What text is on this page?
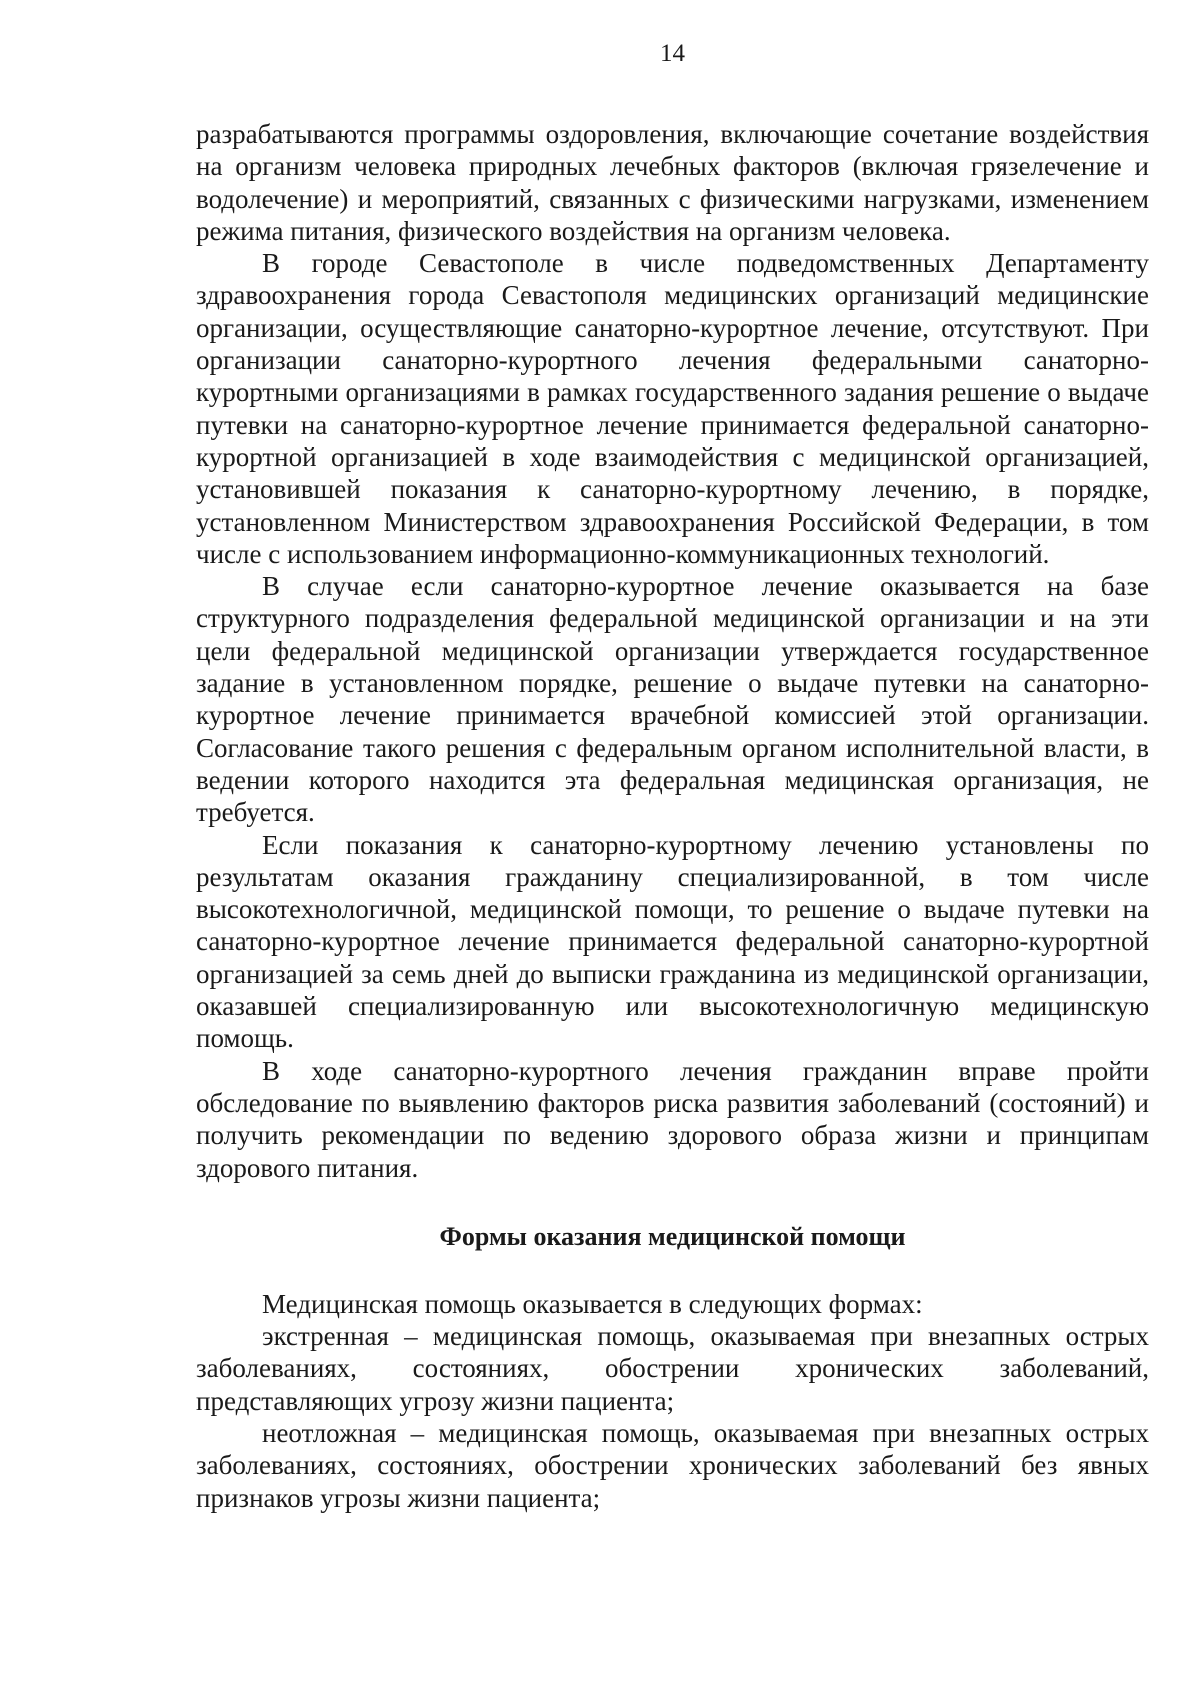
14

разрабатываются программы оздоровления, включающие сочетание воздействия на организм человека природных лечебных факторов (включая грязелечение и водолечение) и мероприятий, связанных с физическими нагрузками, изменением режима питания, физического воздействия на организм человека.

В городе Севастополе в числе подведомственных Департаменту здравоохранения города Севастополя медицинских организаций медицинские организации, осуществляющие санаторно-курортное лечение, отсутствуют. При организации санаторно-курортного лечения федеральными санаторно-курортными организациями в рамках государственного задания решение о выдаче путевки на санаторно-курортное лечение принимается федеральной санаторно-курортной организацией в ходе взаимодействия с медицинской организацией, установившей показания к санаторно-курортному лечению, в порядке, установленном Министерством здравоохранения Российской Федерации, в том числе с использованием информационно-коммуникационных технологий.

В случае если санаторно-курортное лечение оказывается на базе структурного подразделения федеральной медицинской организации и на эти цели федеральной медицинской организации утверждается государственное задание в установленном порядке, решение о выдаче путевки на санаторно-курортное лечение принимается врачебной комиссией этой организации. Согласование такого решения с федеральным органом исполнительной власти, в ведении которого находится эта федеральная медицинская организация, не требуется.

Если показания к санаторно-курортному лечению установлены по результатам оказания гражданину специализированной, в том числе высокотехнологичной, медицинской помощи, то решение о выдаче путевки на санаторно-курортное лечение принимается федеральной санаторно-курортной организацией за семь дней до выписки гражданина из медицинской организации, оказавшей специализированную или высокотехнологичную медицинскую помощь.

В ходе санаторно-курортного лечения гражданин вправе пройти обследование по выявлению факторов риска развития заболеваний (состояний) и получить рекомендации по ведению здорового образа жизни и принципам здорового питания.

Формы оказания медицинской помощи

Медицинская помощь оказывается в следующих формах:

экстренная – медицинская помощь, оказываемая при внезапных острых заболеваниях, состояниях, обострении хронических заболеваний, представляющих угрозу жизни пациента;

неотложная – медицинская помощь, оказываемая при внезапных острых заболеваниях, состояниях, обострении хронических заболеваний без явных признаков угрозы жизни пациента;
